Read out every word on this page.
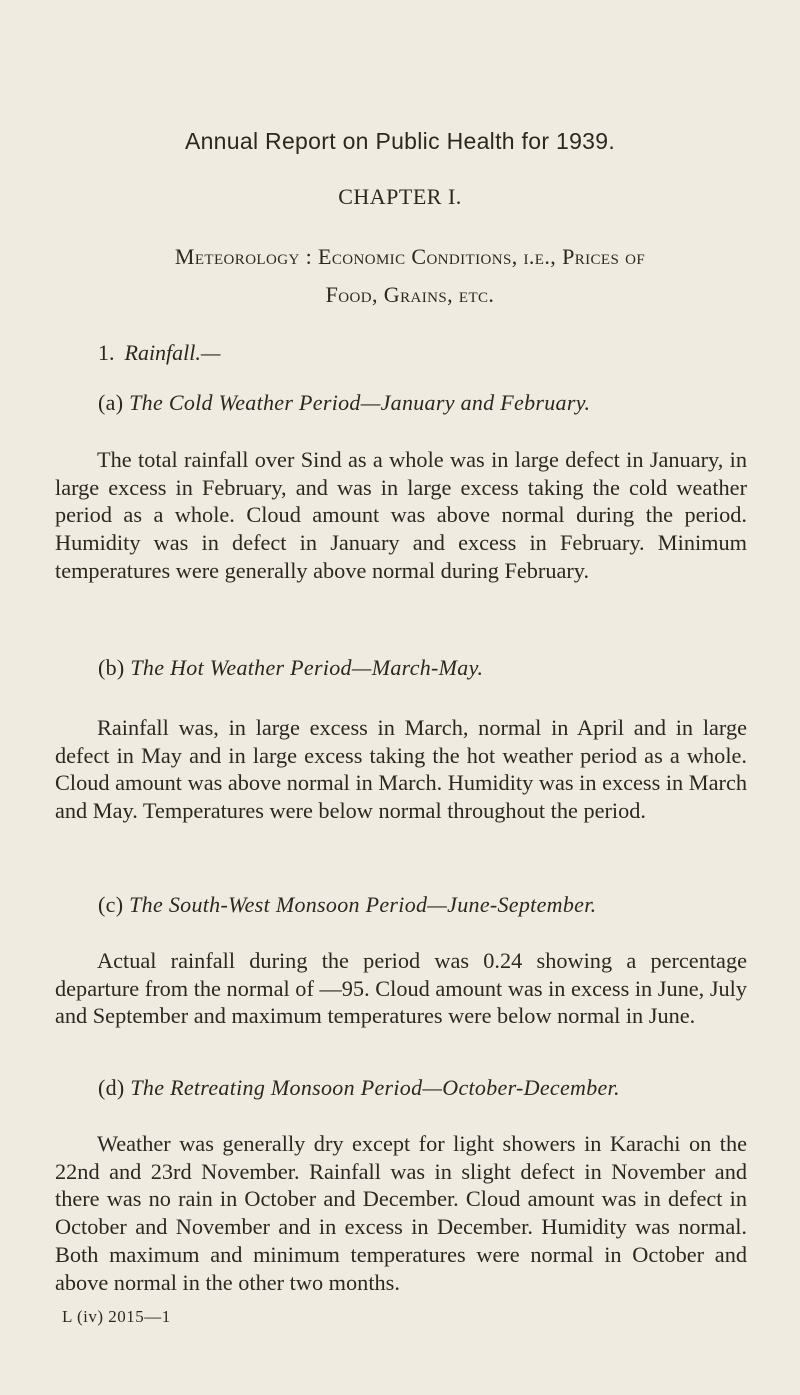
Annual Report on Public Health for 1939.
CHAPTER I.
Meteorology : Economic Conditions, i.e., Prices of
Food, Grains, etc.
1. Rainfall.—
(a) The Cold Weather Period—January and February.

The total rainfall over Sind as a whole was in large defect in January, in large excess in February, and was in large excess taking the cold weather period as a whole. Cloud amount was above normal during the period. Humidity was in defect in January and excess in February. Minimum temperatures were generally above normal during February.

(b) The Hot Weather Period—March-May.

Rainfall was, in large excess in March, normal in April and in large defect in May and in large excess taking the hot weather period as a whole. Cloud amount was above normal in March. Humidity was in excess in March and May. Temperatures were below normal throughout the period.

(c) The South-West Monsoon Period—June-September.

Actual rainfall during the period was 0.24 showing a percentage departure from the normal of —95. Cloud amount was in excess in June, July and September and maximum temperatures were below normal in June.

(d) The Retreating Monsoon Period—October-December.

Weather was generally dry except for light showers in Karachi on the 22nd and 23rd November. Rainfall was in slight defect in November and there was no rain in October and December. Cloud amount was in defect in October and November and in excess in December. Humidity was normal. Both maximum and minimum temperatures were normal in October and above normal in the other two months.

L (iv) 2015—1
